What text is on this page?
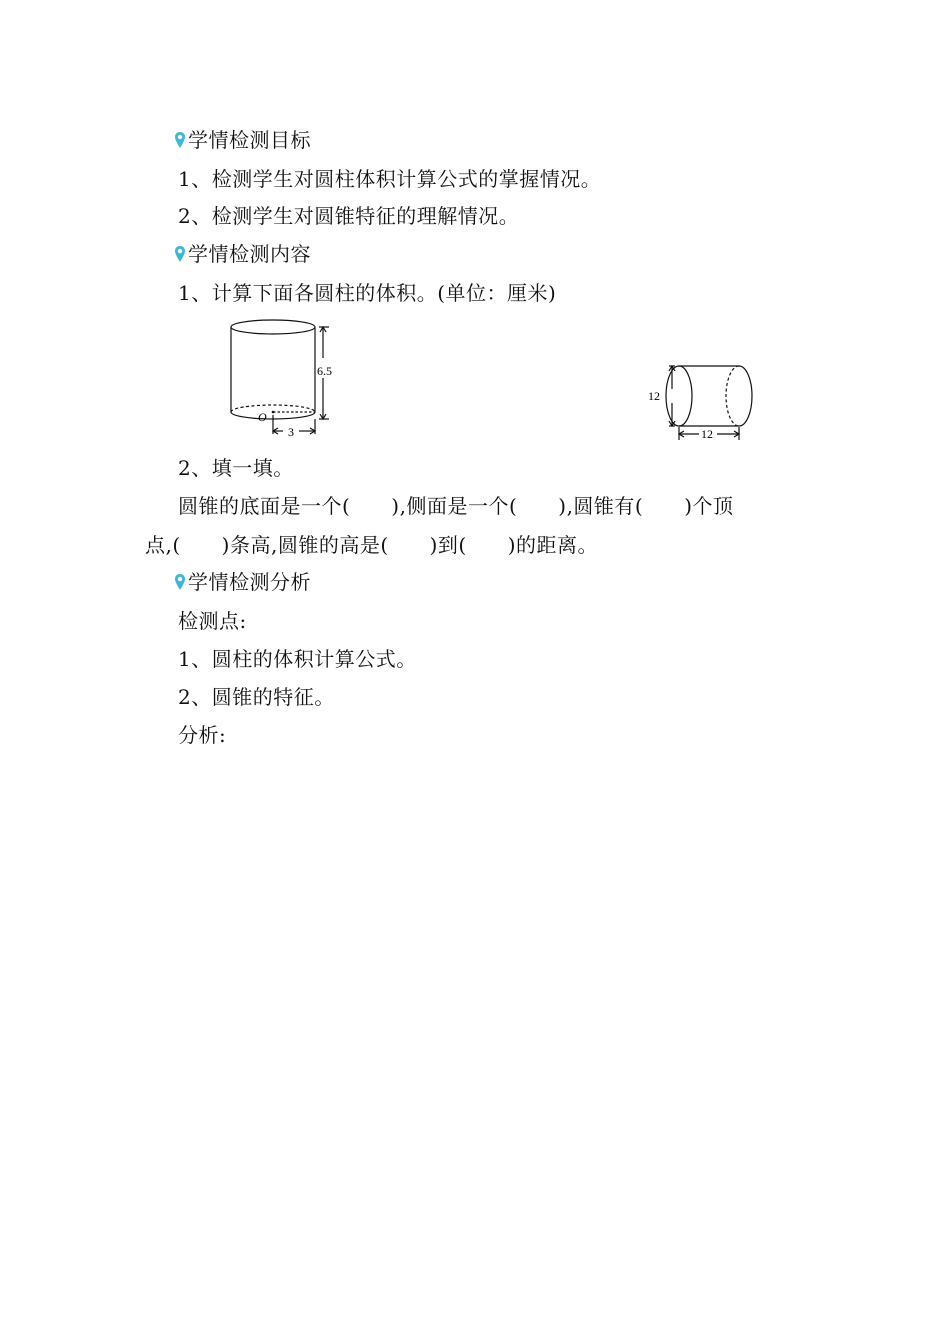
学情检测目标
1、检测学生对圆柱体积计算公式的掌握情况。
2、检测学生对圆锥特征的理解情况。
学情检测内容
1、计算下面各圆柱的体积。(单位：厘米)
6.5
3
O
12
12
2、填一填。
圆锥的底面是一个(　　),侧面是一个(　　),圆锥有(　　)个顶
点,(　　)条高,圆锥的高是(　　)到(　　)的距离。
学情检测分析
检测点:
1、圆柱的体积计算公式。
2、圆锥的特征。
分析:
